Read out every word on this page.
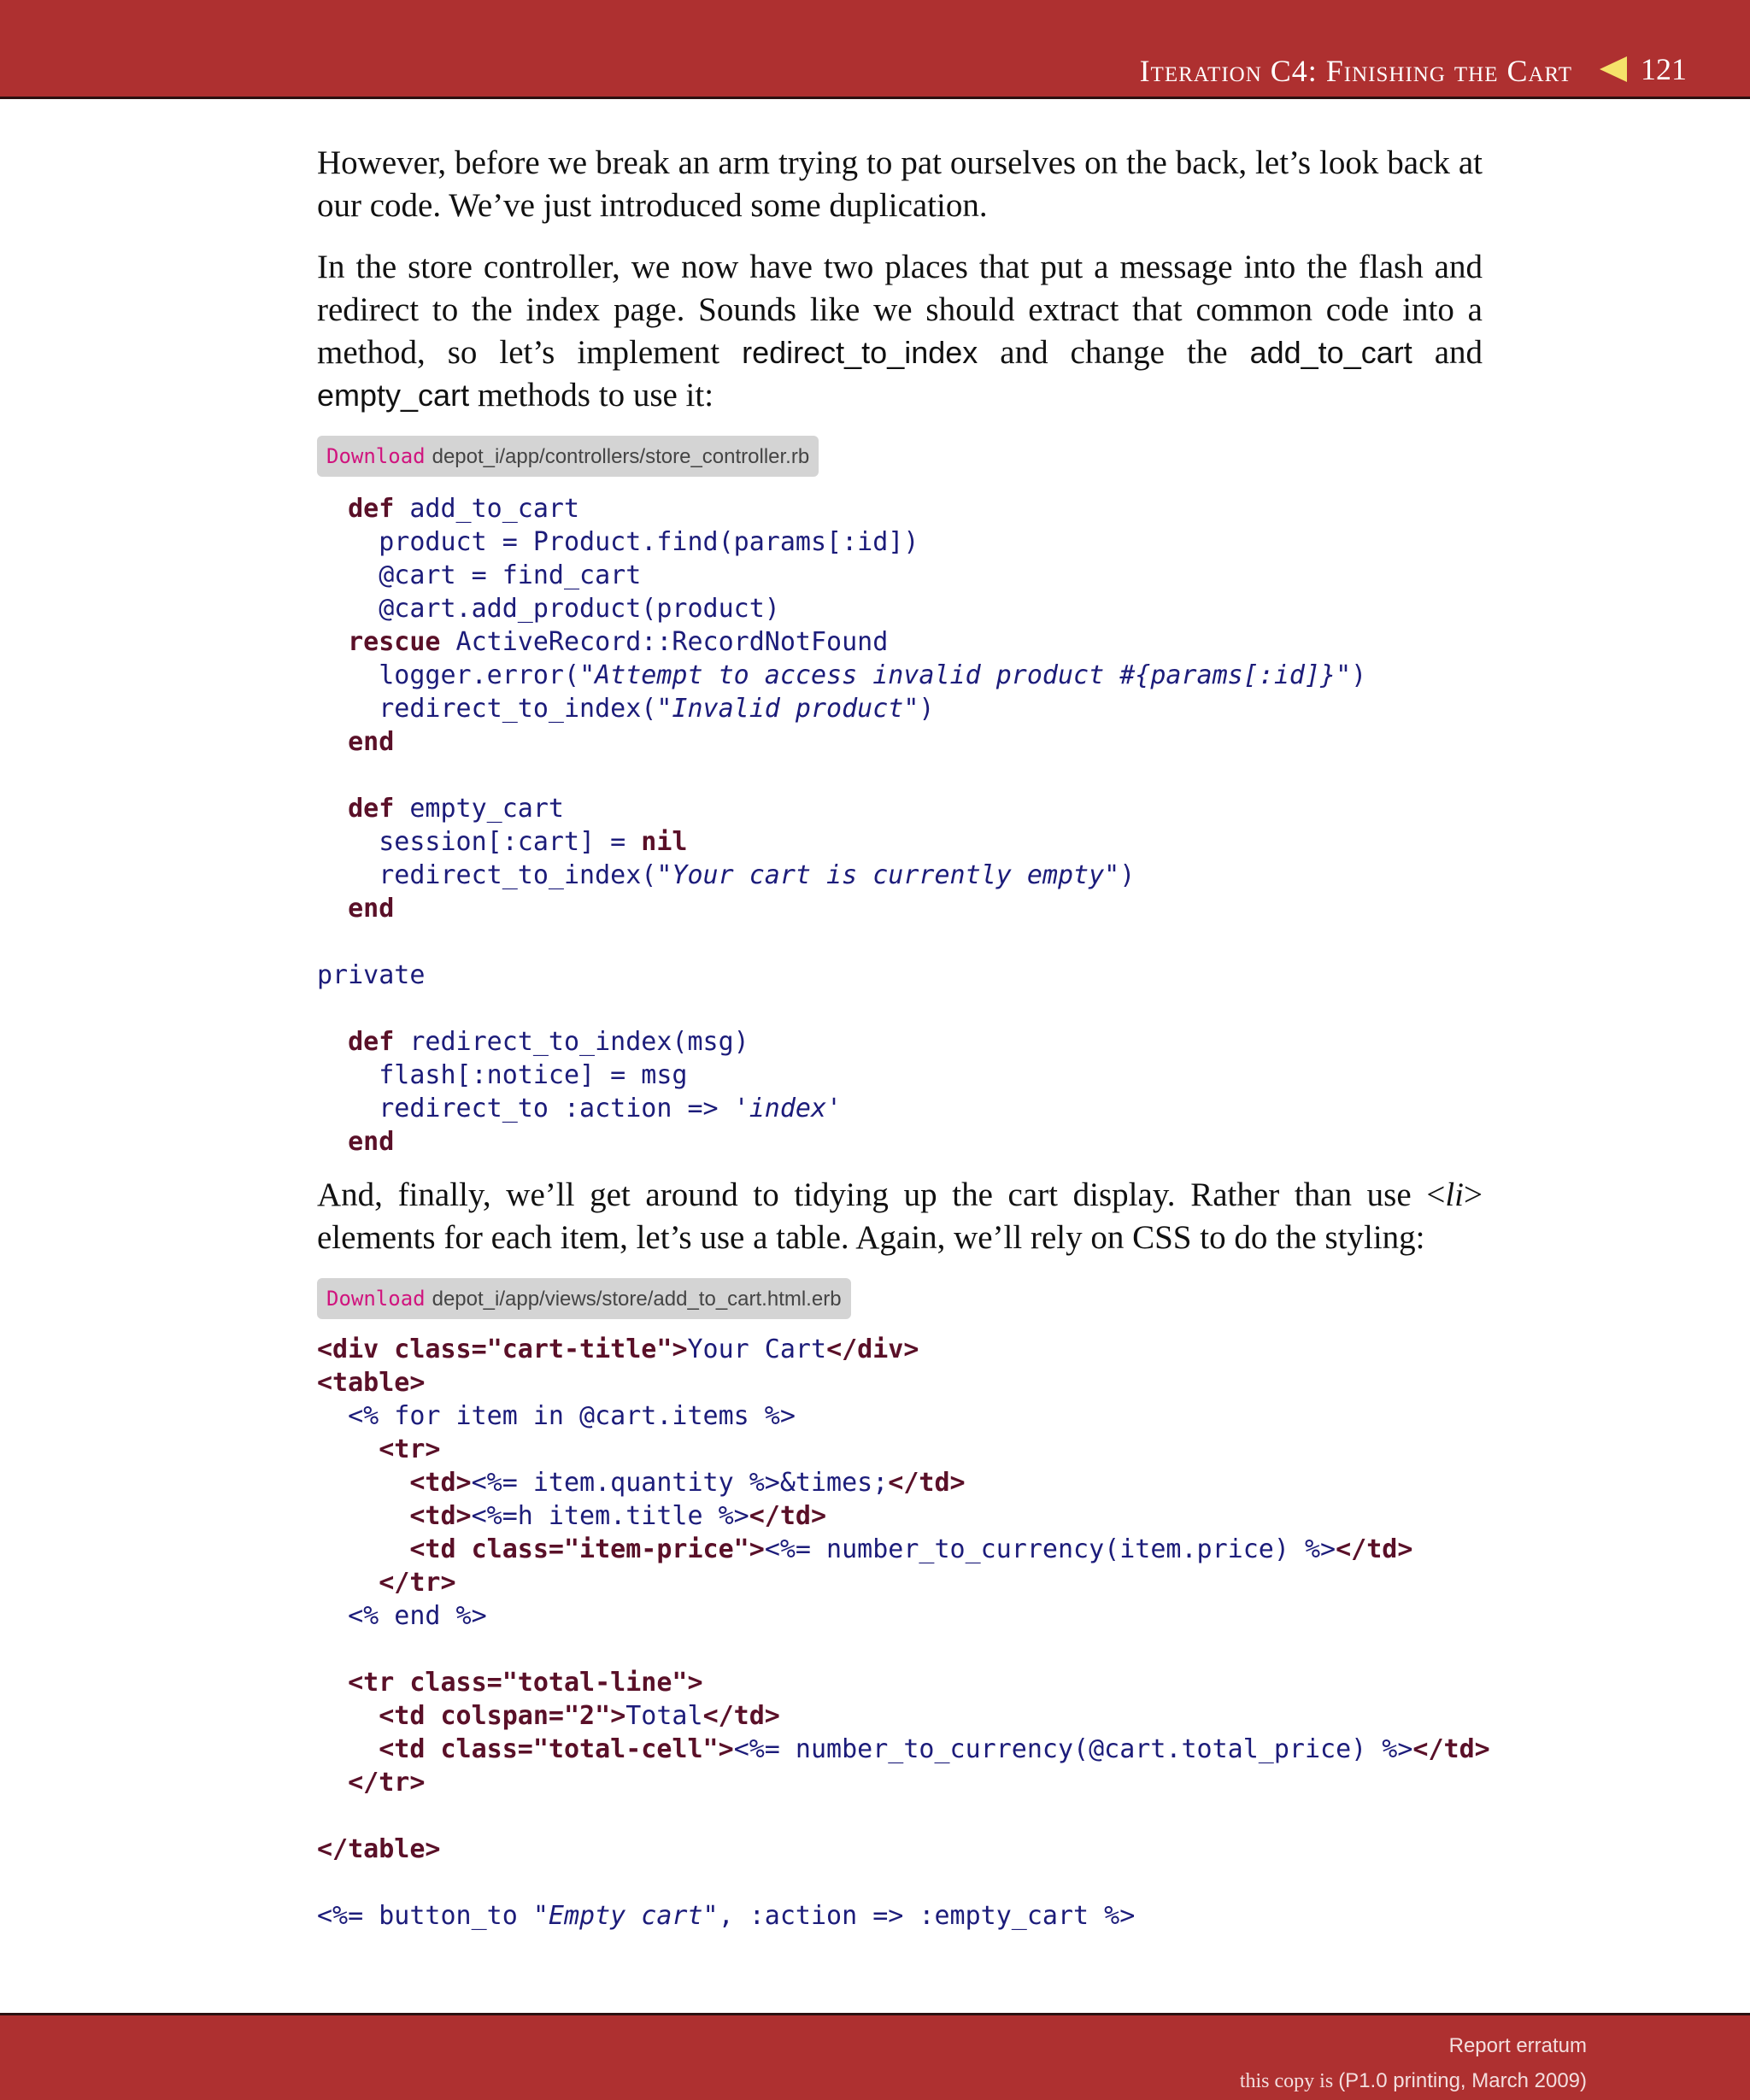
Iteration C4: Finishing the Cart 121

However, before we break an arm trying to pat ourselves on the back, let’s look back at our code. We’ve just introduced some duplication.

In the store controller, we now have two places that put a message into the flash and redirect to the index page. Sounds like we should extract that common code into a method, so let’s implement redirect_to_index and change the add_to_cart and empty_cart methods to use it:

Download depot_i/app/controllers/store_controller.rb
def add_to_cart
product = Product.find(params[:id])
@cart = find_cart
@cart.add_product(product)
rescue ActiveRecord::RecordNotFound
logger.error("Attempt to access invalid product #{params[:id]}")
redirect_to_index("Invalid product")
end

def empty_cart
session[:cart] = nil
redirect_to_index("Your cart is currently empty")
end

private

def redirect_to_index(msg)
flash[:notice] = msg
redirect_to :action => 'index'
end

And, finally, we’ll get around to tidying up the cart display. Rather than use <li> elements for each item, let’s use a table. Again, we’ll rely on CSS to do the styling:

Download depot_i/app/views/store/add_to_cart.html.erb
<div class="cart-title">Your Cart</div>
<table>
<% for item in @cart.items %>
<tr>
<td><%= item.quantity %>&times;</td>
<td><%=h item.title %></td>
<td class="item-price"><%= number_to_currency(item.price) %></td>
</tr>
<% end %>

<tr class="total-line">
<td colspan="2">Total</td>
<td class="total-cell"><%= number_to_currency(@cart.total_price) %></td>
</tr>

</table>

<%= button_to "Empty cart", :action => :empty_cart %>
Report erratum
this copy is (P1.0 printing, March 2009)
